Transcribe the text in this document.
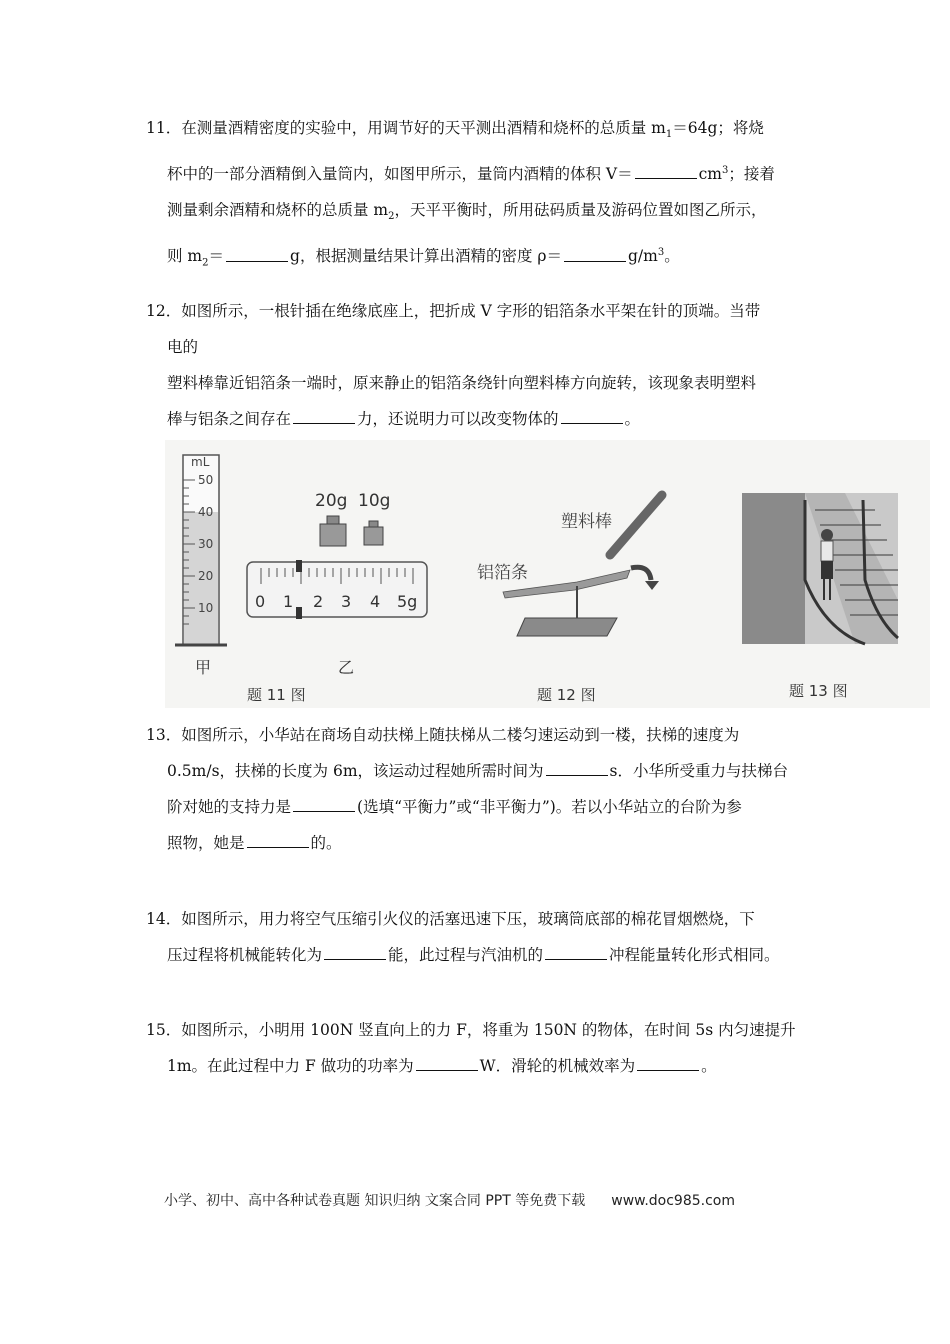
11．在测量酒精密度的实验中，用调节好的天平测出酒精和烧杯的总质量 $m_1=64g$；将烧
杯中的一部分酒精倒入量筒内，如图甲所示，量筒内酒精的体积 V＝	$cm^3$；接着
测量剩余酒精和烧杯的总质量 $m_2$，天平平衡时，所用砝码质量及游码位置如图乙所示，
则 $m_2=$	g，根据测量结果计算出酒精的密度 ρ＝	$g/m^3$。
12．如图所示，一根针插在绝缘底座上，把折成 V 字形的铝箔条水平架在针的顶端。当带
电的
塑料棒靠近铝箔条一端时，原来静止的铝箔条绕针向塑料棒方向旋转，该现象表明塑料
棒与铝条之间存在	力，还说明力可以改变物体的	。
mL
50
40
30
20
10
甲
20g 10g
0 1 2 3 4 5g
乙
塑料棒
铝箔条
题 11 图	题 12 图	题 13 图
13．如图所示，小华站在商场自动扶梯上随扶梯从二楼匀速运动到一楼，扶梯的速度为
0.5m/s，扶梯的长度为 6m，该运动过程她所需时间为	s．小华所受重力与扶梯台
阶对她的支持力是	(选填“平衡力”或“非平衡力”)。若以小华站立的台阶为参
照物，她是	的。
14．如图所示，用力将空气压缩引火仪的活塞迅速下压，玻璃筒底部的棉花冒烟燃烧，下
压过程将机械能转化为	能，此过程与汽油机的	冲程能量转化形式相同。
15．如图所示，小明用 100N 竖直向上的力 F，将重为 150N 的物体，在时间 5s 内匀速提升
1m。在此过程中力 F 做功的功率为	W．滑轮的机械效率为	。
小学、初中、高中各种试卷真题 知识归纳 文案合同 PPT 等免费下载 www.doc985.com
